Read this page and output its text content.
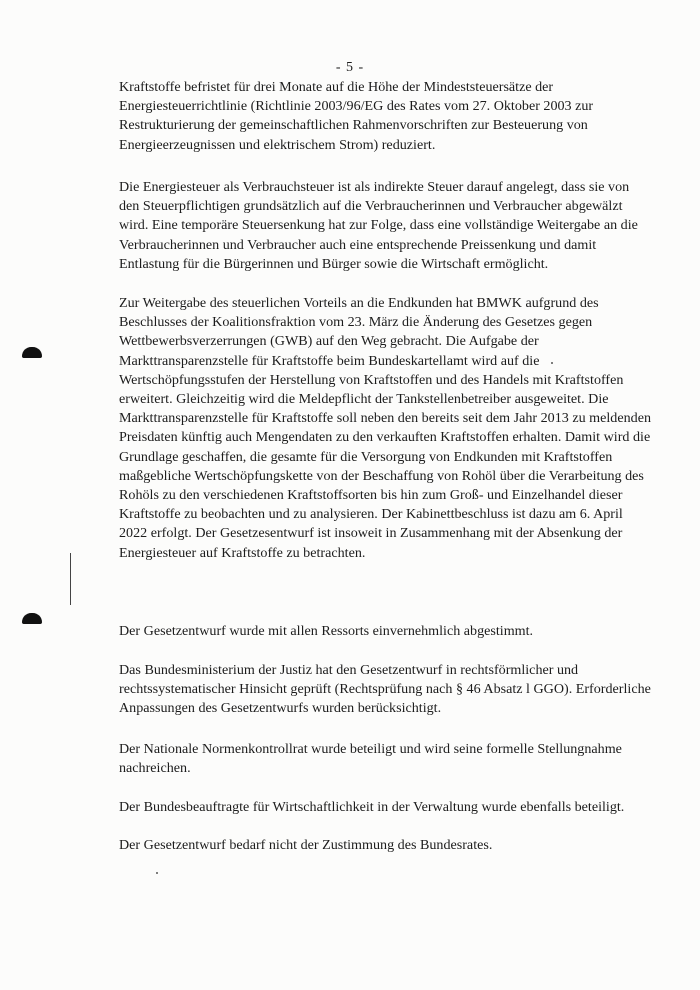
- 5 -
Kraftstoffe befristet für drei Monate auf die Höhe der Mindeststeuersätze der
Energiesteuerrichtlinie (Richtlinie 2003/96/EG des Rates vom 27. Oktober 2003 zur
Restrukturierung der gemeinschaftlichen Rahmenvorschriften zur Besteuerung von
Energieerzeugnissen und elektrischem Strom) reduziert.
Die Energiesteuer als Verbrauchsteuer ist als indirekte Steuer darauf angelegt, dass sie von
den Steuerpflichtigen grundsätzlich auf die Verbraucherinnen und Verbraucher abgewälzt
wird. Eine temporäre Steuersenkung hat zur Folge, dass eine vollständige Weitergabe an die
Verbraucherinnen und Verbraucher auch eine entsprechende Preissenkung und damit
Entlastung für die Bürgerinnen und Bürger sowie die Wirtschaft ermöglicht.
Zur Weitergabe des steuerlichen Vorteils an die Endkunden hat BMWK aufgrund des
Beschlusses der Koalitionsfraktion vom 23. März die Änderung des Gesetzes gegen
Wettbewerbsverzerrungen (GWB) auf den Weg gebracht. Die Aufgabe der
Markttransparenzstelle für Kraftstoffe beim Bundeskartellamt wird auf die
Wertschöpfungsstufen der Herstellung von Kraftstoffen und des Handels mit Kraftstoffen
erweitert. Gleichzeitig wird die Meldepflicht der Tankstellenbetreiber ausgeweitet. Die
Markttransparenzstelle für Kraftstoffe soll neben den bereits seit dem Jahr 2013 zu meldenden
Preisdaten künftig auch Mengendaten zu den verkauften Kraftstoffen erhalten. Damit wird die
Grundlage geschaffen, die gesamte für die Versorgung von Endkunden mit Kraftstoffen
maßgebliche Wertschöpfungskette von der Beschaffung von Rohöl über die Verarbeitung des
Rohöls zu den verschiedenen Kraftstoffsorten bis hin zum Groß- und Einzelhandel dieser
Kraftstoffe zu beobachten und zu analysieren. Der Kabinettbeschluss ist dazu am 6. April
2022 erfolgt. Der Gesetzesentwurf ist insoweit in Zusammenhang mit der Absenkung der
Energiesteuer auf Kraftstoffe zu betrachten.
Der Gesetzentwurf wurde mit allen Ressorts einvernehmlich abgestimmt.
Das Bundesministerium der Justiz hat den Gesetzentwurf in rechtsförmlicher und
rechtssystematischer Hinsicht geprüft (Rechtsprüfung nach § 46 Absatz l GGO). Erforderliche
Anpassungen des Gesetzentwurfs wurden berücksichtigt.
Der Nationale Normenkontrollrat wurde beteiligt und wird seine formelle Stellungnahme
nachreichen.
Der Bundesbeauftragte für Wirtschaftlichkeit in der Verwaltung wurde ebenfalls beteiligt.
Der Gesetzentwurf bedarf nicht der Zustimmung des Bundesrates.
